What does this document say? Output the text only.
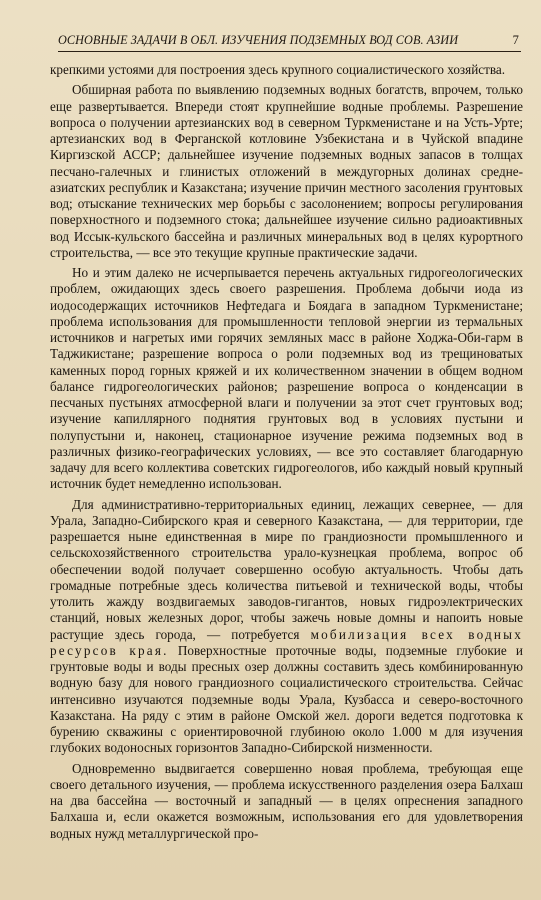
ОСНОВНЫЕ ЗАДАЧИ В ОБЛ. ИЗУЧЕНИЯ ПОДЗЕМНЫХ ВОД СОВ. АЗИИ	7

крепкими устоями для построения здесь крупного социалистического хозяйства.

Обширная работа по выявлению подземных водных богатств, впрочем, только еще развертывается. Впереди стоят крупнейшие водные проблемы. Разрешение вопроса о получении артезианских вод в северном Туркменистане и на Усть-Урте; артезианских вод в Ферганской котловине Узбекистана и в Чуйской впадине Киргизской АССР; дальнейшее изучение подземных водных запасов в толщах песчано-галечных и глинистых отложений в междугорных долинах средне-азиатских республик и Казакстана; изучение причин местного засоления грунтовых вод; отыскание технических мер борьбы с засолонением; вопросы регулирования поверхностного и подземного стока; дальнейшее изучение сильно радиоактивных вод Иссык-кульского бассейна и различных минеральных вод в целях курортного строительства, — все это текущие крупные практические задачи.

Но и этим далеко не исчерпывается перечень актуальных гидрогеологических проблем, ожидающих здесь своего разрешения. Проблема добычи иода из иодосодержащих источников Нефтедага и Боядага в западном Туркменистане; проблема использования для промышленности тепловой энергии из термальных источников и нагретых ими горячих земляных масс в районе Ходжа-Оби-гарм в Таджикистане; разрешение вопроса о роли подземных вод из трещиноватых каменных пород горных кряжей и их количественном значении в общем водном балансе гидрогеологических районов; разрешение вопроса о конденсации в песчаных пустынях атмосферной влаги и получении за этот счет грунтовых вод; изучение капиллярного поднятия грунтовых вод в условиях пустыни и полупустыни и, наконец, стационарное изучение режима подземных вод в различных физико-географических условиях, — все это составляет благодарную задачу для всего коллектива советских гидрогеологов, ибо каждый новый крупный источник будет немедленно использован.

Для административно-территориальных единиц, лежащих севернее, — для Урала, Западно-Сибирского края и северного Казакстана, — для территории, где разрешается ныне единственная в мире по грандиозности промышленного и сельскохозяйственного строительства урало-кузнецкая проблема, вопрос об обеспечении водой получает совершенно особую актуальность. Чтобы дать громадные потребные здесь количества питьевой и технической воды, чтобы утолить жажду воздвигаемых заводов-гигантов, новых гидроэлектрических станций, новых железных дорог, чтобы зажечь новые домны и напоить новые растущие здесь города, — потребуется мобилизация всех водных ресурсов края. Поверхностные проточные воды, подземные глубокие и грунтовые воды и воды пресных озер должны составить здесь комбинированную водную базу для нового грандиозного социалистического строительства. Сейчас интенсивно изучаются подземные воды Урала, Кузбасса и северо-восточного Казакстана. На ряду с этим в районе Омской жел. дороги ведется подготовка к бурению скважины с ориентировочной глубиною около 1.000 м для изучения глубоких водоносных горизонтов Западно-Сибирской низменности.

Одновременно выдвигается совершенно новая проблема, требующая еще своего детального изучения, — проблема искусственного разделения озера Балхаш на два бассейна — восточный и западный — в целях опреснения западного Балхаша и, если окажется возможным, использования его для удовлетворения водных нужд металлургической про-
